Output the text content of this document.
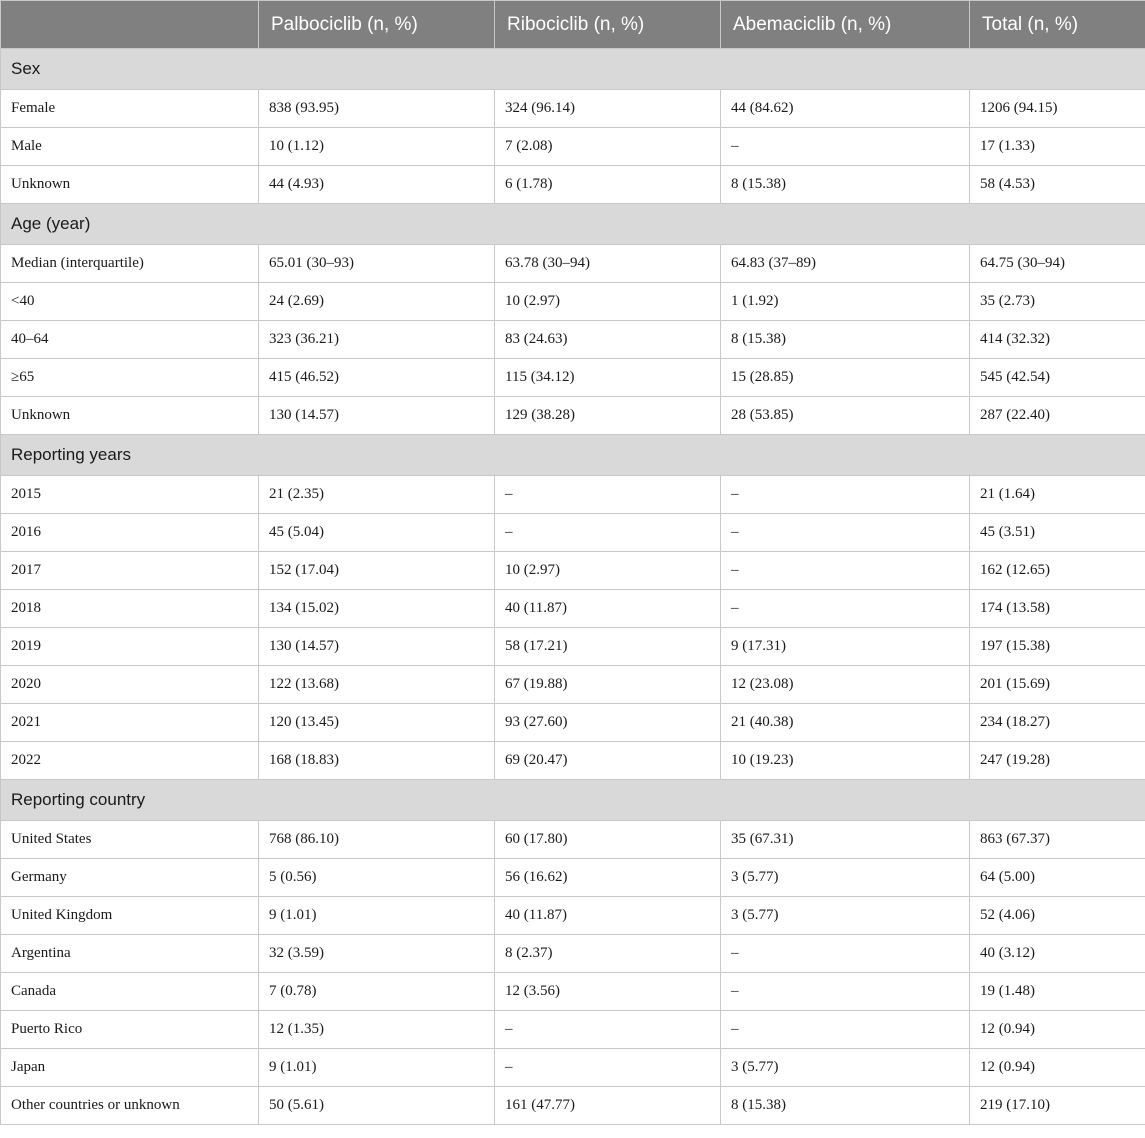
	Palbociclib (n, %)	Ribociclib (n, %)	Abemaciclib (n, %)	Total (n, %)
Sex				
Female	838 (93.95)	324 (96.14)	44 (84.62)	1206 (94.15)
Male	10 (1.12)	7 (2.08)	–	17 (1.33)
Unknown	44 (4.93)	6 (1.78)	8 (15.38)	58 (4.53)
Age (year)				
Median (interquartile)	65.01 (30–93)	63.78 (30–94)	64.83 (37–89)	64.75 (30–94)
<40	24 (2.69)	10 (2.97)	1 (1.92)	35 (2.73)
40–64	323 (36.21)	83 (24.63)	8 (15.38)	414 (32.32)
≥65	415 (46.52)	115 (34.12)	15 (28.85)	545 (42.54)
Unknown	130 (14.57)	129 (38.28)	28 (53.85)	287 (22.40)
Reporting years				
2015	21 (2.35)	–	–	21 (1.64)
2016	45 (5.04)	–	–	45 (3.51)
2017	152 (17.04)	10 (2.97)	–	162 (12.65)
2018	134 (15.02)	40 (11.87)	–	174 (13.58)
2019	130 (14.57)	58 (17.21)	9 (17.31)	197 (15.38)
2020	122 (13.68)	67 (19.88)	12 (23.08)	201 (15.69)
2021	120 (13.45)	93 (27.60)	21 (40.38)	234 (18.27)
2022	168 (18.83)	69 (20.47)	10 (19.23)	247 (19.28)
Reporting country				
United States	768 (86.10)	60 (17.80)	35 (67.31)	863 (67.37)
Germany	5 (0.56)	56 (16.62)	3 (5.77)	64 (5.00)
United Kingdom	9 (1.01)	40 (11.87)	3 (5.77)	52 (4.06)
Argentina	32 (3.59)	8 (2.37)	–	40 (3.12)
Canada	7 (0.78)	12 (3.56)	–	19 (1.48)
Puerto Rico	12 (1.35)	–	–	12 (0.94)
Japan	9 (1.01)	–	3 (5.77)	12 (0.94)
Other countries or unknown	50 (5.61)	161 (47.77)	8 (15.38)	219 (17.10)
